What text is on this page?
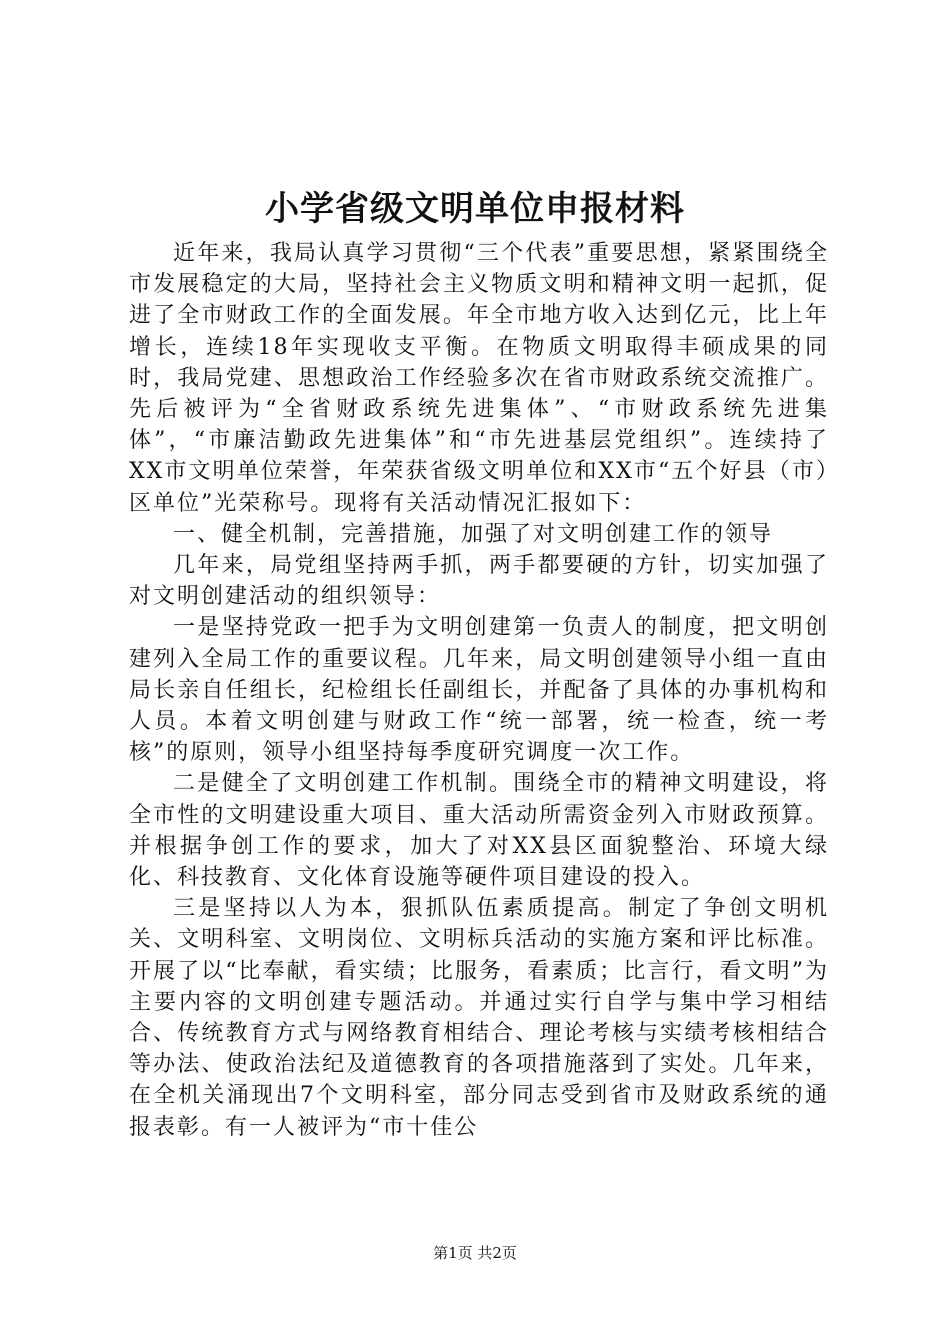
小学省级文明单位申报材料

近年来，我局认真学习贯彻“三个代表”重要思想，紧紧围绕全市发展稳定的大局，坚持社会主义物质文明和精神文明一起抓，促进了全市财政工作的全面发展。年全市地方收入达到亿元，比上年增长，连续18年实现收支平衡。在物质文明取得丰硕成果的同时，我局党建、思想政治工作经验多次在省市财政系统交流推广。先后被评为“全省财政系统先进集体”、“市财政系统先进集体”，“市廉洁勤政先进集体”和“市先进基层党组织”。连续持了XX市文明单位荣誉，年荣获省级文明单位和XX市“五个好县（市）区单位”光荣称号。现将有关活动情况汇报如下：

一、健全机制，完善措施，加强了对文明创建工作的领导

几年来，局党组坚持两手抓，两手都要硬的方针，切实加强了对文明创建活动的组织领导：

一是坚持党政一把手为文明创建第一负责人的制度，把文明创建列入全局工作的重要议程。几年来，局文明创建领导小组一直由局长亲自任组长，纪检组长任副组长，并配备了具体的办事机构和人员。本着文明创建与财政工作“统一部署，统一检查，统一考核”的原则，领导小组坚持每季度研究调度一次工作。

二是健全了文明创建工作机制。围绕全市的精神文明建设，将全市性的文明建设重大项目、重大活动所需资金列入市财政预算。并根据争创工作的要求，加大了对XX县区面貌整治、环境大绿化、科技教育、文化体育设施等硬件项目建设的投入。

三是坚持以人为本，狠抓队伍素质提高。制定了争创文明机关、文明科室、文明岗位、文明标兵活动的实施方案和评比标准。开展了以“比奉献，看实绩；比服务，看素质；比言行，看文明”为主要内容的文明创建专题活动。并通过实行自学与集中学习相结合、传统教育方式与网络教育相结合、理论考核与实绩考核相结合等办法、使政治法纪及道德教育的各项措施落到了实处。几年来，在全机关涌现出7个文明科室，部分同志受到省市及财政系统的通报表彰。有一人被评为“市十佳公

第1页 共2页
